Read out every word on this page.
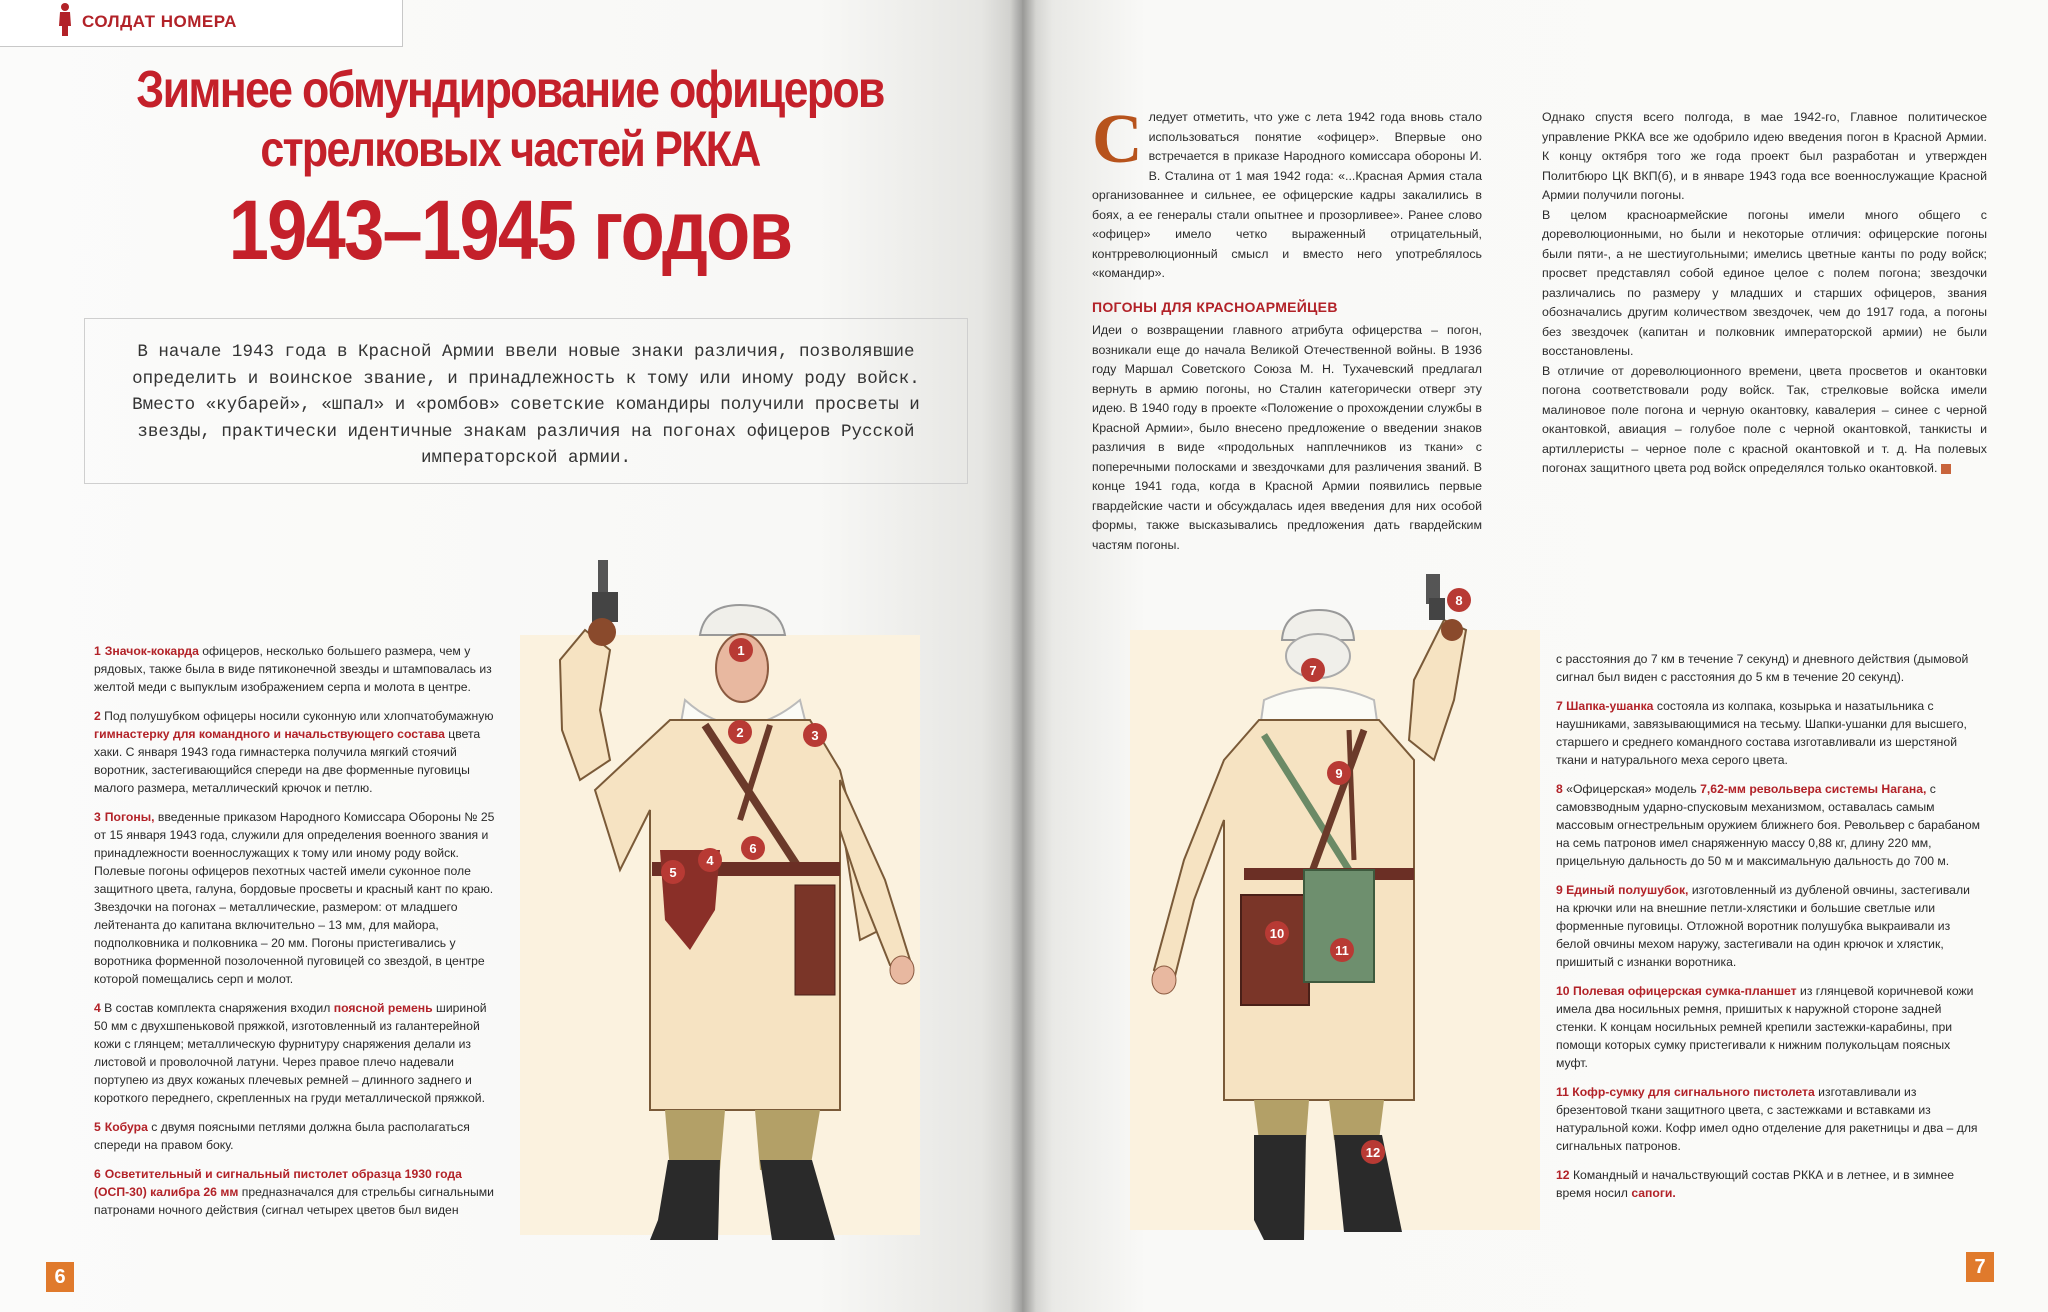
СОЛДАТ НОМЕРА
Зимнее обмундирование офицеров
стрелковых частей РККА
1943–1945 годов
В начале 1943 года в Красной Армии ввели новые знаки различия, позволявшие определить и воинское звание, и принадлежность к тому или иному роду войск. Вместо «кубарей», «шпал» и «ромбов» советские командиры получили просветы и звезды, практически идентичные знакам различия на погонах офицеров Русской императорской армии.
1
2	3
4
5
6

1 Значок-кокарда офицеров, несколько большего размера, чем у рядовых, также была в виде пятиконечной звезды и штамповалась из желтой меди с выпуклым изображением серпа и молота в центре.

2 Под полушубком офицеры носили суконную или хлопчатобумажную гимнастерку для командного и начальствующего состава цвета хаки. С января 1943 года гимнастерка получила мягкий стоячий воротник, застегивающийся спереди на две форменные пуговицы малого размера, металлический крючок и петлю.

3 Погоны, введенные приказом Народного Комиссара Обороны № 25 от 15 января 1943 года, служили для определения военного звания и принадлежности военнослужащих к тому или иному роду войск. Полевые погоны офицеров пехотных частей имели суконное поле защитного цвета, галуна, бордовые просветы и красный кант по краю. Звездочки на погонах – металлические, размером: от младшего лейтенанта до капитана включительно – 13 мм, для майора, подполковника и полковника – 20 мм. Погоны пристегивались у воротника форменной позолоченной пуговицей со звездой, в центре которой помещались серп и молот.

4 В состав комплекта снаряжения входил поясной ремень шириной 50 мм с двухшпеньковой пряжкой, изготовленный из галантерейной кожи с глянцем; металлическую фурнитуру снаряжения делали из листовой и проволочной латуни. Через правое плечо надевали портупею из двух кожаных плечевых ремней – длинного заднего и короткого переднего, скрепленных на груди металлической пряжкой.

5 Кобура с двумя поясными петлями должна была располагаться спереди на правом боку.

6 Осветительный и сигнальный пистолет образца 1930 года (ОСП-30) калибра 26 мм предназначался для стрельбы сигнальными патронами ночного действия (сигнал четырех цветов был виден

6
С ледует отметить, что уже с лета 1942 года вновь стало использоваться понятие «офицер». Впервые оно встречается в приказе Народного комиссара обороны И. В. Сталина от 1 мая 1942 года: «...Красная Армия стала организованнее и сильнее, ее офицерские кадры закалились в боях, а ее генералы стали опытнее и прозорливее». Ранее слово «офицер» имело четко выраженный отрицательный, контрреволюционный смысл и вместо него употреблялось «командир».

ПОГОНЫ ДЛЯ КРАСНОАРМЕЙЦЕВ

Идеи о возвращении главного атрибута офицерства – погон, возникали еще до начала Великой Отечественной войны. В 1936 году Маршал Советского Союза М. Н. Тухачевский предлагал вернуть в армию погоны, но Сталин категорически отверг эту идею. В 1940 году в проекте «Положение о прохождении службы в Красной Армии», было внесено предложение о введении знаков различия в виде «продольных напплечников из ткани» с поперечными полосками и звездочками для различения званий. В конце 1941 года, когда в Красной Армии появились первые гвардейские части и обсуждалась идея введения для них особой формы, также высказывались предложения дать гвардейским частям погоны.

Однако спустя всего полгода, в мае 1942-го, Главное политическое управление РККА все же одобрило идею введения погон в Красной Армии. К концу октября того же года проект был разработан и утвержден Политбюро ЦК ВКП(б), и в январе 1943 года все военнослужащие Красной Армии получили погоны.

В целом красноармейские погоны имели много общего с дореволюционными, но были и некоторые отличия: офицерские погоны были пяти-, а не шестиугольными; имелись цветные канты по роду войск; просвет представлял собой единое целое с полем погона; звездочки различались по размеру у младших и старших офицеров, звания обозначались другим количеством звездочек, чем до 1917 года, а погоны без звездочек (капитан и полковник императорской армии) не были восстановлены.

В отличие от дореволюционного времени, цвета просветов и окантовки погона соответствовали роду войск. Так, стрелковые войска имели малиновое поле погона и черную окантовку, кавалерия – синее с черной окантовкой, авиация – голубое поле с черной окантовкой, танкисты и артиллеристы – черное поле с красной окантовкой и т. д. На полевых погонах защитного цвета род войск определялся только окантовкой.

7
8
9
10
11
12

с расстояния до 7 км в течение 7 секунд) и дневного действия (дымовой сигнал был виден с расстояния до 5 км в течение 20 секунд).

7 Шапка-ушанка состояла из колпака, козырька и назатыльника с наушниками, завязывающимися на тесьму. Шапки-ушанки для высшего, старшего и среднего командного состава изготавливали из шерстяной ткани и натурального меха серого цвета.

8 «Офицерская» модель 7,62-мм револьвера системы Нагана, с самовзводным ударно-спусковым механизмом, оставалась самым массовым огнестрельным оружием ближнего боя. Револьвер с барабаном на семь патронов имел снаряженную массу 0,88 кг, длину 220 мм, прицельную дальность до 50 м и максимальную дальность до 700 м.

9 Единый полушубок, изготовленный из дубленой овчины, застегивали на крючки или на внешние петли-хлястики и большие светлые или форменные пуговицы. Отложной воротник полушубка выкраивали из белой овчины мехом наружу, застегивали на один крючок и хлястик, пришитый с изнанки воротника.

10 Полевая офицерская сумка-планшет из глянцевой коричневой кожи имела два носильных ремня, пришитых к наружной стороне задней стенки. К концам носильных ремней крепили застежки-карабины, при помощи которых сумку пристегивали к нижним полукольцам поясных муфт.

11 Кофр-сумку для сигнального пистолета изготавливали из брезентовой ткани защитного цвета, с застежками и вставками из натуральной кожи. Кофр имел одно отделение для ракетницы и два – для сигнальных патронов.

12 Командный и начальствующий состав РККА и в летнее, и в зимнее время носил сапоги.

7
